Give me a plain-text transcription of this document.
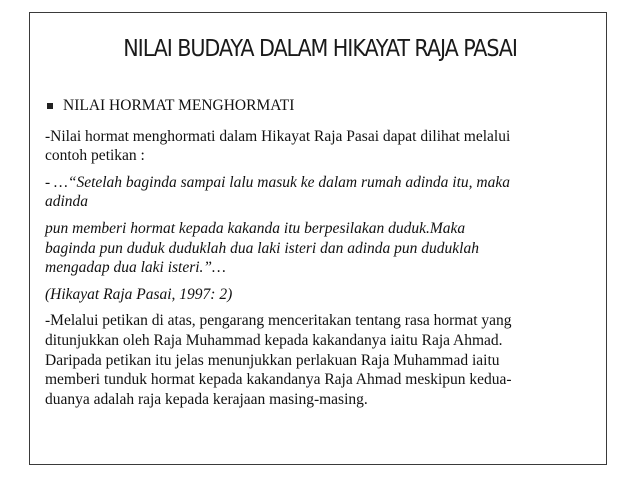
NILAI BUDAYA DALAM HIKAYAT RAJA PASAI
NILAI HORMAT MENGHORMATI
-Nilai hormat menghormati dalam Hikayat Raja Pasai dapat dilihat melalui
contoh petikan :
- …“Setelah baginda sampai lalu masuk ke dalam rumah adinda itu, maka
adinda
pun memberi hormat kepada kakanda itu berpesilakan duduk.Maka
baginda pun duduk duduklah dua laki isteri dan adinda pun duduklah
mengadap dua laki isteri.”…
(Hikayat Raja Pasai, 1997: 2)
-Melalui petikan di atas, pengarang menceritakan tentang rasa hormat yang
ditunjukkan oleh Raja Muhammad kepada kakandanya iaitu Raja Ahmad.
Daripada petikan itu jelas menunjukkan perlakuan Raja Muhammad iaitu
memberi tunduk hormat kepada kakandanya Raja Ahmad meskipun kedua-
duanya adalah raja kepada kerajaan masing-masing.
